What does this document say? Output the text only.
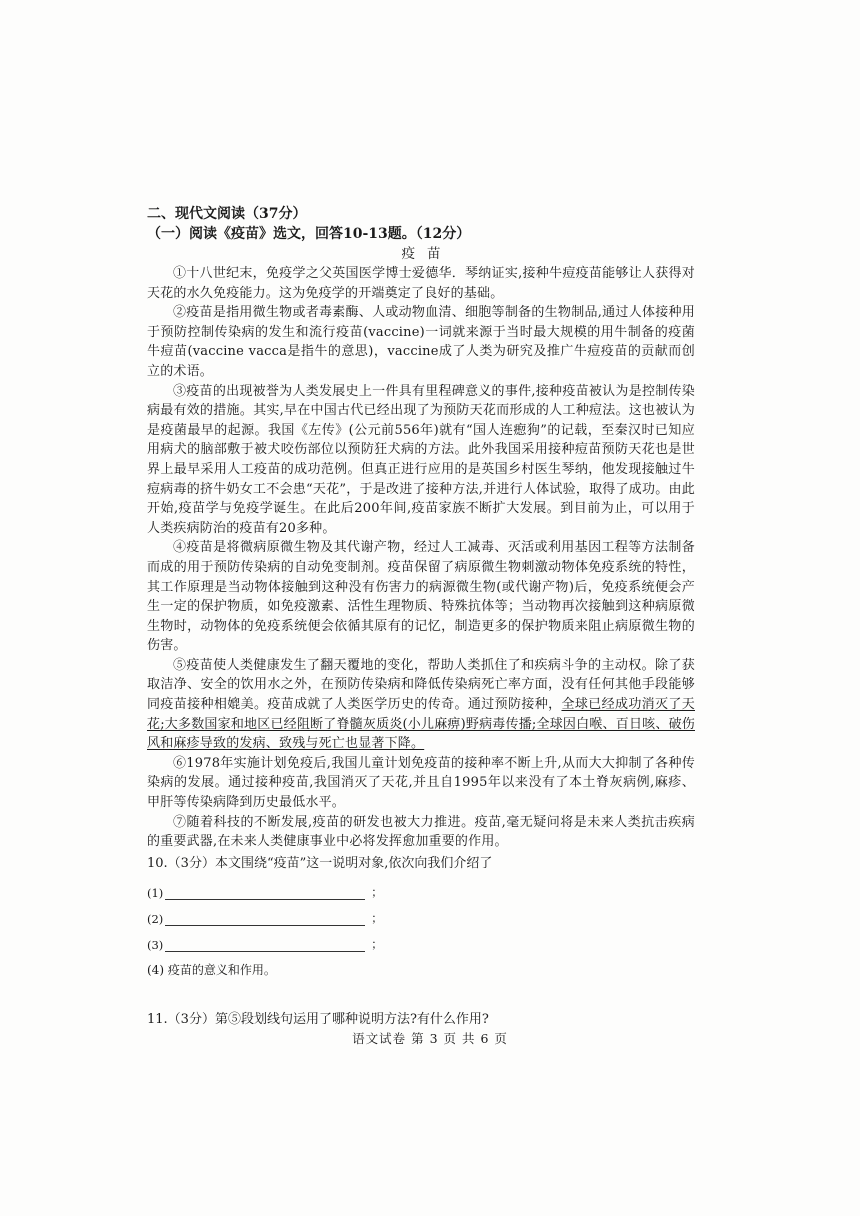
二、现代文阅读（37分）

（一）阅读《疫苗》选文，回答10-13题。（12分）

疫苗

①十八世纪末，免疫学之父英国医学博士爱德华．琴纳证实,接种牛痘疫苗能够让人获得对天花的水久免疫能力。这为免疫学的开端奠定了良好的基础。

②疫苗是指用微生物或者毒素酶、人或动物血清、细胞等制备的生物制品,通过人体接种用于预防控制传染病的发生和流行疫苗(vaccine)一词就来源于当时最大规模的用牛制备的疫菌牛痘苗(vaccine vacca是指牛的意思)，vaccine成了人类为研究及推广牛痘疫苗的贡献而创立的术语。

③疫苗的出现被誉为人类发展史上一件具有里程碑意义的事件,接种疫苗被认为是控制传染病最有效的措施。其实,早在中国古代已经出现了为预防天花而形成的人工种痘法。这也被认为是疫菌最早的起源。我国《左传》(公元前556年)就有“国人连瘛狗”的记载，至秦汉时已知应用病犬的脑部敷于被犬咬伤部位以预防狂犬病的方法。此外我国采用接种痘苗预防天花也是世界上最早采用人工疫苗的成功范例。但真正进行应用的是英国乡村医生琴纳，他发现接触过牛痘病毒的挤牛奶女工不会患“天花”，于是改进了接种方法,并进行人体试验，取得了成功。由此开始,疫苗学与免疫学诞生。在此后200年间,疫苗家族不断扩大发展。到目前为止，可以用于人类疾病防治的疫苗有20多种。

④疫苗是将微病原微生物及其代谢产物，经过人工减毒、灭活或利用基因工程等方法制备而成的用于预防传染病的自动免变制剂。疫苗保留了病原微生物刺激动物体免疫系统的特性，其工作原理是当动物体接触到这种没有伤害力的病源微生物(或代谢产物)后，免疫系统便会产生一定的保护物质，如免疫激素、活性生理物质、特殊抗体等；当动物再次接触到这种病原微生物时，动物体的免疫系统便会依循其原有的记忆，制造更多的保护物质来阻止病原微生物的伤害。

⑤疫苗使人类健康发生了翻天覆地的变化，帮助人类抓住了和疾病斗争的主动权。除了获取洁净、安全的饮用水之外，在预防传染病和降低传染病死亡率方面，没有任何其他手段能够同疫苗接种相媲美。疫苗成就了人类医学历史的传奇。通过预防接种，全球已经成功消灭了天花;大多数国家和地区已经阻断了脊髓灰质炎(小儿麻痹)野病毒传播;全球因白喉、百日咳、破伤风和麻疹导致的发病、致残与死亡也显著下降。

⑥1978年实施计划免疫后,我国儿童计划免疫苗的接种率不断上升,从而大大抑制了各种传染病的发展。通过接种疫苗,我国消灭了天花,并且自1995年以来没有了本土脊灰病例,麻疹、甲肝等传染病降到历史最低水平。

⑦随着科技的不断发展,疫苗的研发也被大力推进。疫苗,毫无疑问将是未来人类抗击疾病的重要武器,在未来人类健康事业中必将发挥愈加重要的作用。

10.（3分）本文围绕“疫苗”这一说明对象,依次向我们介绍了

(1)	；
(2)	；
(3)	；

(4) 疫苗的意义和作用。

11.（3分）第⑤段划线句运用了哪种说明方法?有什么作用?

语文试卷 第 3 页 共 6 页
